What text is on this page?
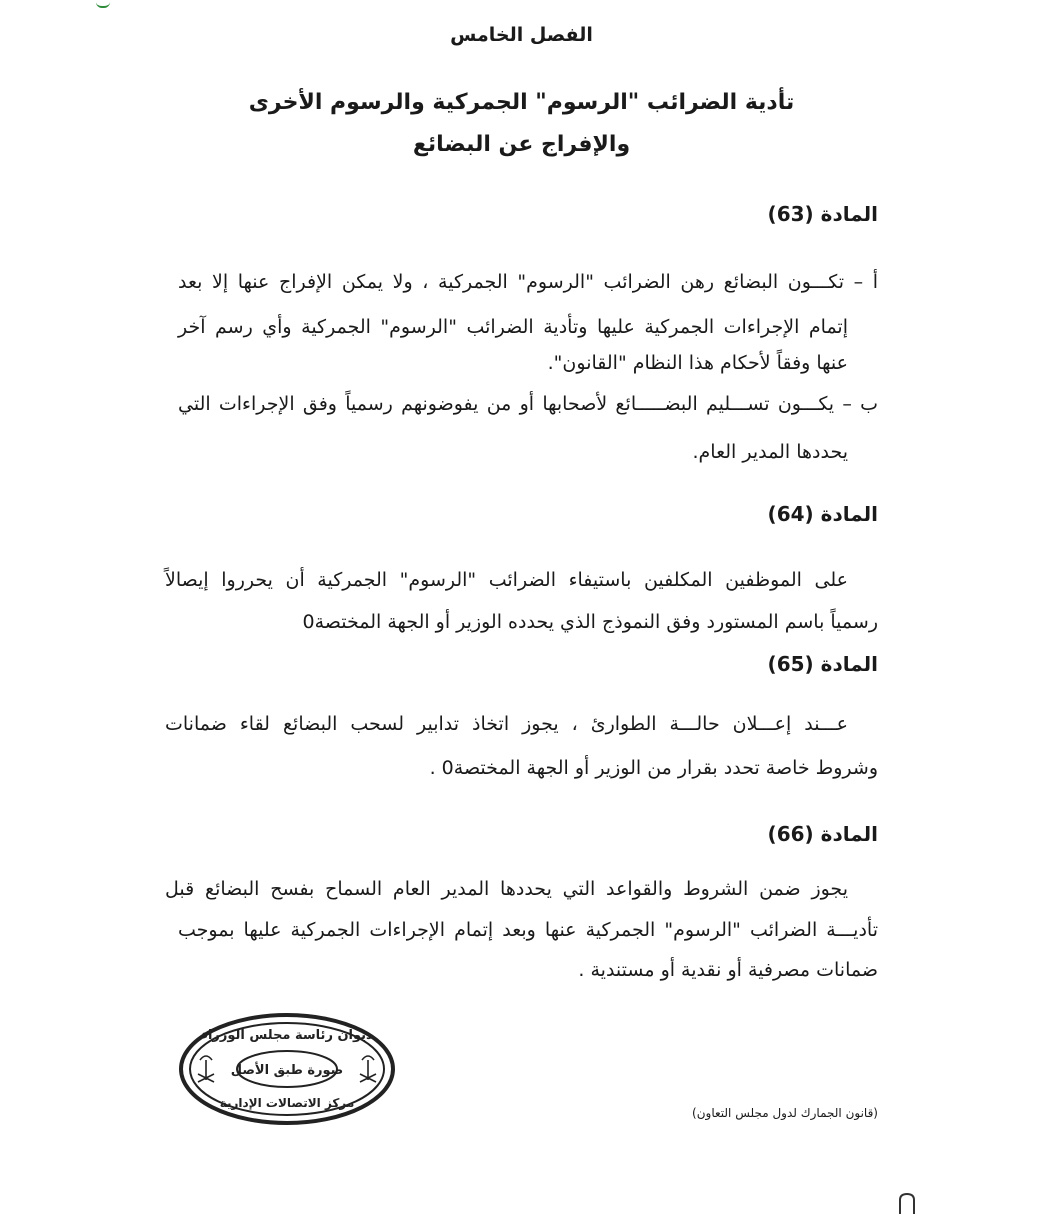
الفصل الخامس
تأدية الضرائب "الرسوم" الجمركية والرسوم الأخرى
والإفراج عن البضائع
المادة (63)
أ – تكـــون البضائع رهن الضرائب "الرسوم" الجمركية ، ولا يمكن الإفراج عنها إلا بعد
إتمام الإجراءات الجمركية عليها وتأدية الضرائب "الرسوم" الجمركية وأي رسم آخر
عنها وفقاً لأحكام هذا النظام "القانون".
ب – يكـــون تســـليم البضـــــائع لأصحابها أو من يفوضونهم رسمياً وفق الإجراءات التي
يحددها المدير العام.
المادة (64)
على الموظفين المكلفين باستيفاء الضرائب "الرسوم" الجمركية أن يحرروا إيصالاً
رسمياً باسم المستورد وفق النموذج الذي يحدده الوزير أو الجهة المختصة0
المادة (65)
عـــند إعـــلان حالـــة الطوارئ ، يجوز اتخاذ تدابير لسحب البضائع لقاء ضمانات
وشروط خاصة تحدد بقرار من الوزير أو الجهة المختصة0 .
المادة (66)
يجوز ضمن الشروط والقواعد التي يحددها المدير العام السماح بفسح البضائع قبل
تأديـــة الضرائب "الرسوم" الجمركية عنها وبعد إتمام الإجراءات الجمركية عليها بموجب
ضمانات مصرفية أو نقدية أو مستندية .
ديوان رئاسة مجلس الوزراء
صورة طبق الأصل
مركز الاتصالات الإدارية
(قانون الجمارك لدول مجلس التعاون)
